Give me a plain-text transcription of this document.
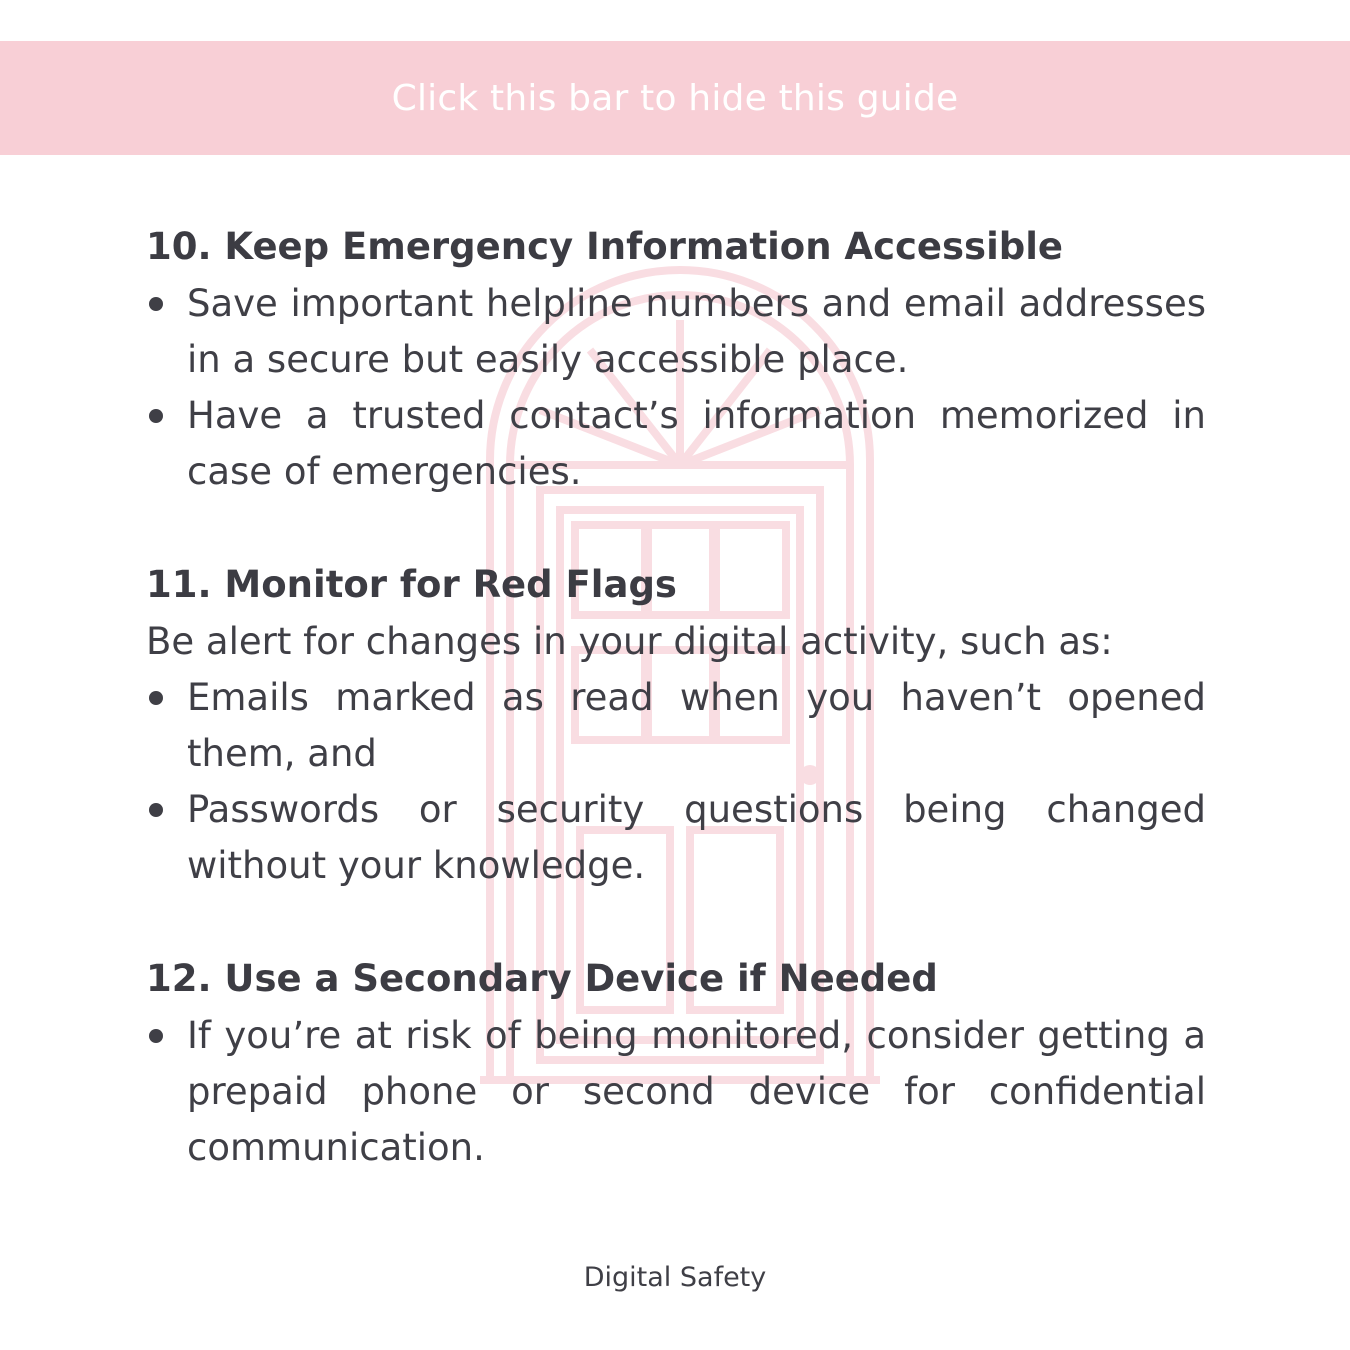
Click this bar to hide this guide
10. Keep Emergency Information Accessible
Save important helpline numbers and email addresses in a secure but easily accessible place.
Have a trusted contact’s information memorized in case of emergencies.
11. Monitor for Red Flags

Be alert for changes in your digital activity, such as:

Emails marked as read when you haven’t opened them, and
Passwords or security questions being changed without your knowledge.
12. Use a Secondary Device if Needed
If you’re at risk of being monitored, consider getting a prepaid phone or second device for confidential communication.
Digital Safety
